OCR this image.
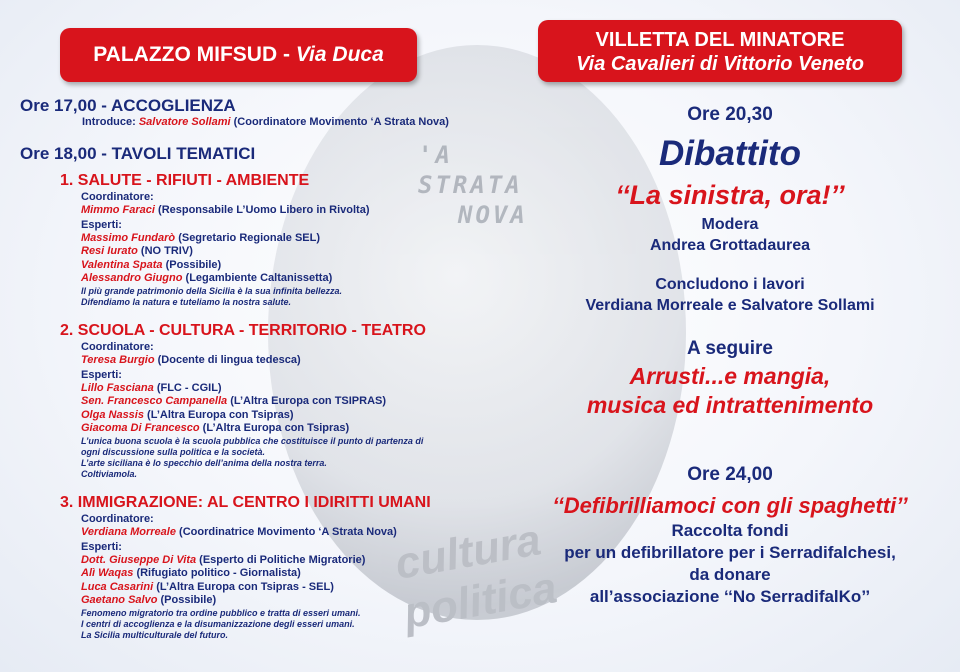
'A
STRATA
NOVA
cultura politica
PALAZZO MIFSUD - Via Duca
VILLETTA DEL MINATORE
Via Cavalieri di Vittorio Veneto
Ore 17,00 - ACCOGLIENZA
Introduce: Salvatore Sollami (Coordinatore Movimento ‘A Strata Nova)
Ore 18,00 - TAVOLI TEMATICI
1. SALUTE - RIFIUTI - AMBIENTE
Coordinatore:
Mimmo Faraci (Responsabile L’Uomo Libero in Rivolta)
Esperti:
Massimo Fundarò (Segretario Regionale SEL)
Resi Iurato (NO TRIV)
Valentina Spata (Possibile)
Alessandro Giugno (Legambiente Caltanissetta)
Il più grande patrimonio della Sicilia è la sua infinita bellezza.
Difendiamo la natura e tuteliamo la nostra salute.
2. SCUOLA - CULTURA - TERRITORIO - TEATRO
Coordinatore:
Teresa Burgio (Docente di lingua tedesca)
Esperti:
Lillo Fasciana (FLC - CGIL)
Sen. Francesco Campanella (L’Altra Europa con TSIPRAS)
Olga Nassis (L’Altra Europa con Tsipras)
Giacoma Di Francesco (L’Altra Europa con Tsipras)
L’unica buona scuola è la scuola pubblica che costituisce il punto di partenza di
ogni discussione sulla politica e la società.
L’arte siciliana è lo specchio dell’anima della nostra terra.
Coltiviamola.
3. IMMIGRAZIONE: AL CENTRO I IDIRITTI UMANI
Coordinatore:
Verdiana Morreale (Coordinatrice Movimento ‘A Strata Nova)
Esperti:
Dott. Giuseppe Di Vita (Esperto di Politiche Migratorie)
Alì Waqas (Rifugiato politico - Giornalista)
Luca Casarini (L’Altra Europa con Tsipras - SEL)
Gaetano Salvo (Possibile)
Fenomeno migratorio tra ordine pubblico e tratta di esseri umani.
I centri di accoglienza e la disumanizzazione degli esseri umani.
La Sicilia multiculturale del futuro.
Ore 20,30
Dibattito
‘‘La sinistra, ora!’’
Modera
Andrea Grottadaurea
Concludono i lavori
Verdiana Morreale e Salvatore Sollami
A seguire
Arrusti...e mangia,
musica ed intrattenimento
Ore 24,00
‘‘Defibrilliamoci con gli spaghetti’’
Raccolta fondi
per un defibrillatore per i Serradifalchesi,
da donare
all’associazione ‘‘No SerradifalKo’’
